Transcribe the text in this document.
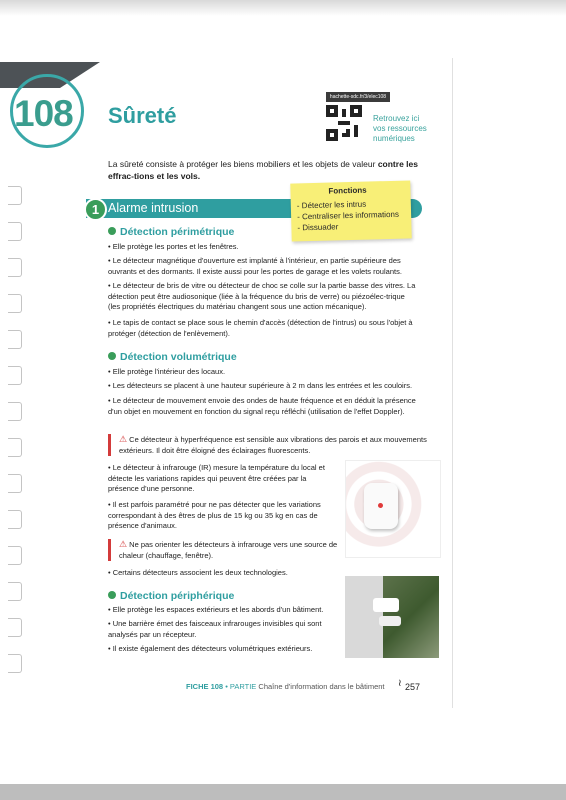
108 Sûreté
hachette-sdc.fr/3/elec108
Retrouvez ici
vos ressources
numériques
La sûreté consiste à protéger les biens mobiliers et les objets de valeur contre les effrac-tions et les vols.
1 Alarme intrusion
Fonctions
- Détecter les intrus
- Centraliser les informations
- Dissuader
Détection périmétrique
• Elle protège les portes et les fenêtres.
• Le détecteur magnétique d'ouverture est implanté à l'intérieur, en partie supérieure des ouvrants et des dormants. Il existe aussi pour les portes de garage et les volets roulants.
• Le détecteur de bris de vitre ou détecteur de choc se colle sur la partie basse des vitres. La détection peut être audiosonique (liée à la fréquence du bris de verre) ou piézoélec-trique (les propriétés électriques du matériau changent sous une action mécanique).
• Le tapis de contact se place sous le chemin d'accès (détection de l'intrus) ou sous l'objet à protéger (détection de l'enlèvement).
Détection volumétrique
• Elle protège l'intérieur des locaux.
• Les détecteurs se placent à une hauteur supérieure à 2 m dans les entrées et les couloirs.
• Le détecteur de mouvement envoie des ondes de haute fréquence et en déduit la présence d'un objet en mouvement en fonction du signal reçu réfléchi (utilisation de l'effet Doppler).
⚠ Ce détecteur à hyperfréquence est sensible aux vibrations des parois et aux mouvements extérieurs. Il doit être éloigné des éclairages fluorescents.
• Le détecteur à infrarouge (IR) mesure la température du local et détecte les variations rapides qui peuvent être créées par la présence d'une personne.
• Il est parfois paramétré pour ne pas détecter que les variations correspondant à des êtres de plus de 15 kg ou 35 kg en cas de présence d'animaux.
⚠ Ne pas orienter les détecteurs à infrarouge vers une source de chaleur (chauffage, fenêtre).
• Certains détecteurs associent les deux technologies.
Détection périphérique
• Elle protège les espaces extérieurs et les abords d'un bâtiment.
• Une barrière émet des faisceaux infrarouges invisibles qui sont analysés par un récepteur.
• Il existe également des détecteurs volumétriques extérieurs.
FICHE 108 • PARTIE Chaîne d'information dans le bâtiment ≀ 257
